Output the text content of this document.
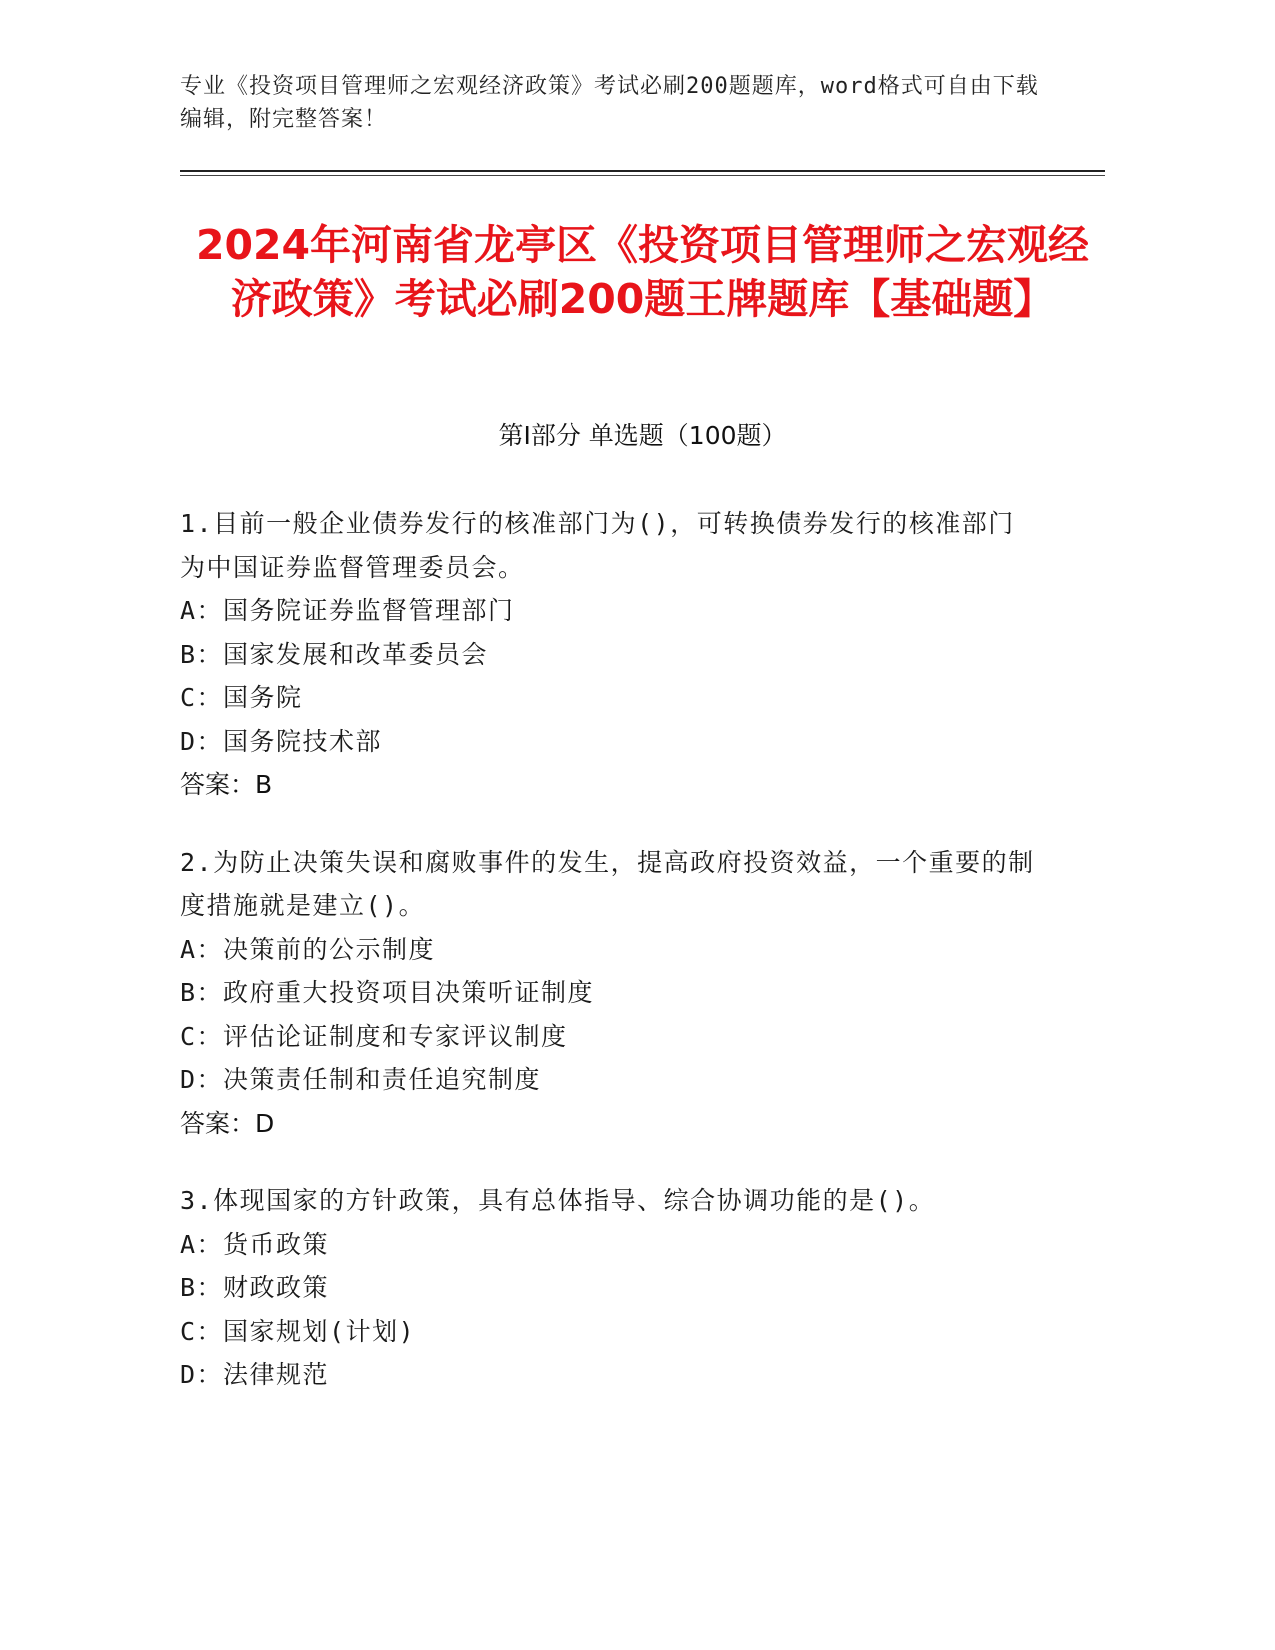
专业《投资项目管理师之宏观经济政策》考试必刷200题题库，word格式可自由下载编辑，附完整答案！
2024年河南省龙亭区《投资项目管理师之宏观经济政策》考试必刷200题王牌题库【基础题】
第I部分 单选题（100题）
1.目前一般企业债券发行的核准部门为()，可转换债券发行的核准部门为中国证券监督管理委员会。
A：国务院证券监督管理部门
B：国家发展和改革委员会
C：国务院
D：国务院技术部
答案：B
2.为防止决策失误和腐败事件的发生，提高政府投资效益，一个重要的制度措施就是建立()。
A：决策前的公示制度
B：政府重大投资项目决策听证制度
C：评估论证制度和专家评议制度
D：决策责任制和责任追究制度
答案：D
3.体现国家的方针政策，具有总体指导、综合协调功能的是()。
A：货币政策
B：财政政策
C：国家规划(计划)
D：法律规范
